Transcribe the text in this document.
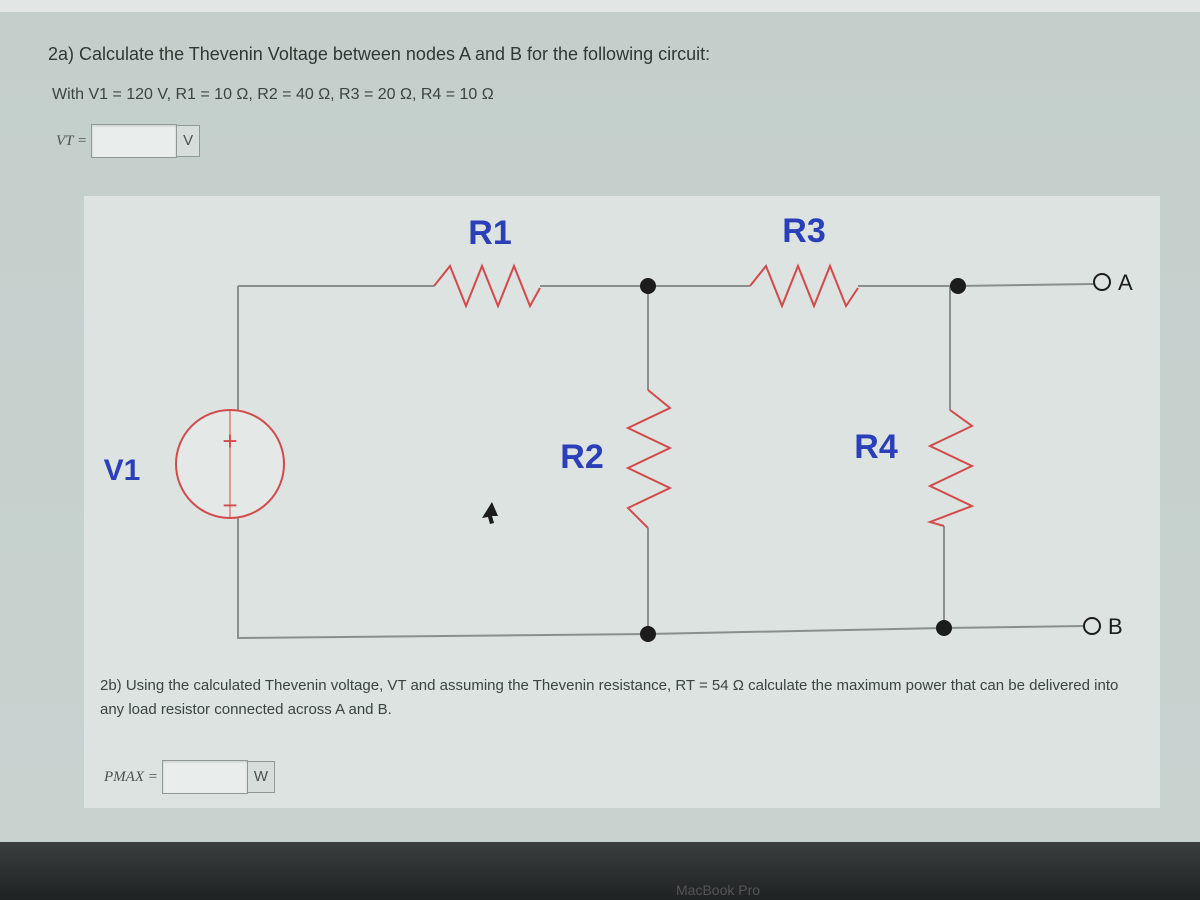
2a) Calculate the Thevenin Voltage between nodes A and B for the following circuit:
With V1 = 120 V, R1 = 10 Ω, R2 = 40 Ω, R3 = 20 Ω, R4 = 10 Ω
VT =	V
+
−
A
B
R1	R3
R2	R4
V1
2b) Using the calculated Thevenin voltage, VT and assuming the Thevenin resistance, RT = 54 Ω calculate the maximum power that can be delivered into any load resistor connected across A and B.
PMAX =	W
MacBook Pro
